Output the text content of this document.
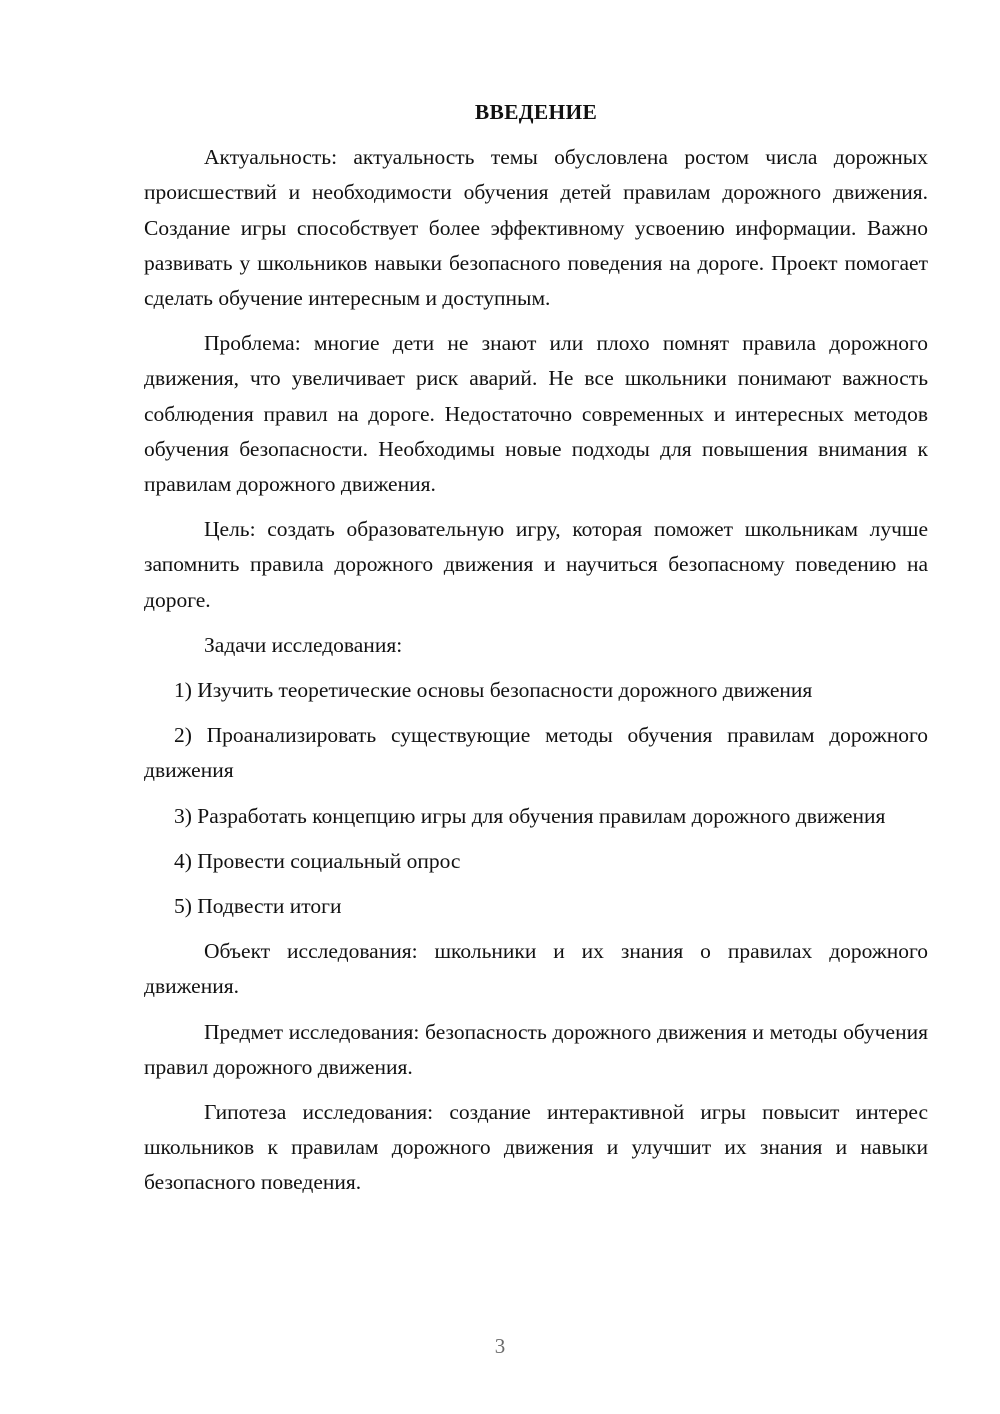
ВВЕДЕНИЕ

Актуальность: актуальность темы обусловлена ростом числа дорожных происшествий и необходимости обучения детей правилам дорожного движения. Создание игры способствует более эффективному усвоению информации. Важно развивать у школьников навыки безопасного поведения на дороге. Проект помогает сделать обучение интересным и доступным.

Проблема: многие дети не знают или плохо помнят правила дорожного движения, что увеличивает риск аварий. Не все школьники понимают важность соблюдения правил на дороге. Недостаточно современных и интересных методов обучения безопасности. Необходимы новые подходы для повышения внимания к правилам дорожного движения.

Цель: создать образовательную игру, которая поможет школьникам лучше запомнить правила дорожного движения и научиться безопасному поведению на дороге.

Задачи исследования:

1) Изучить теоретические основы безопасности дорожного движения

2) Проанализировать существующие методы обучения правилам дорожного движения

3) Разработать концепцию игры для обучения правилам дорожного движения

4) Провести социальный опрос

5) Подвести итоги

Объект исследования: школьники и их знания о правилах дорожного движения.

Предмет исследования: безопасность дорожного движения и методы обучения правил дорожного движения.

Гипотеза исследования: создание интерактивной игры повысит интерес школьников к правилам дорожного движения и улучшит их знания и навыки безопасного поведения.

3
